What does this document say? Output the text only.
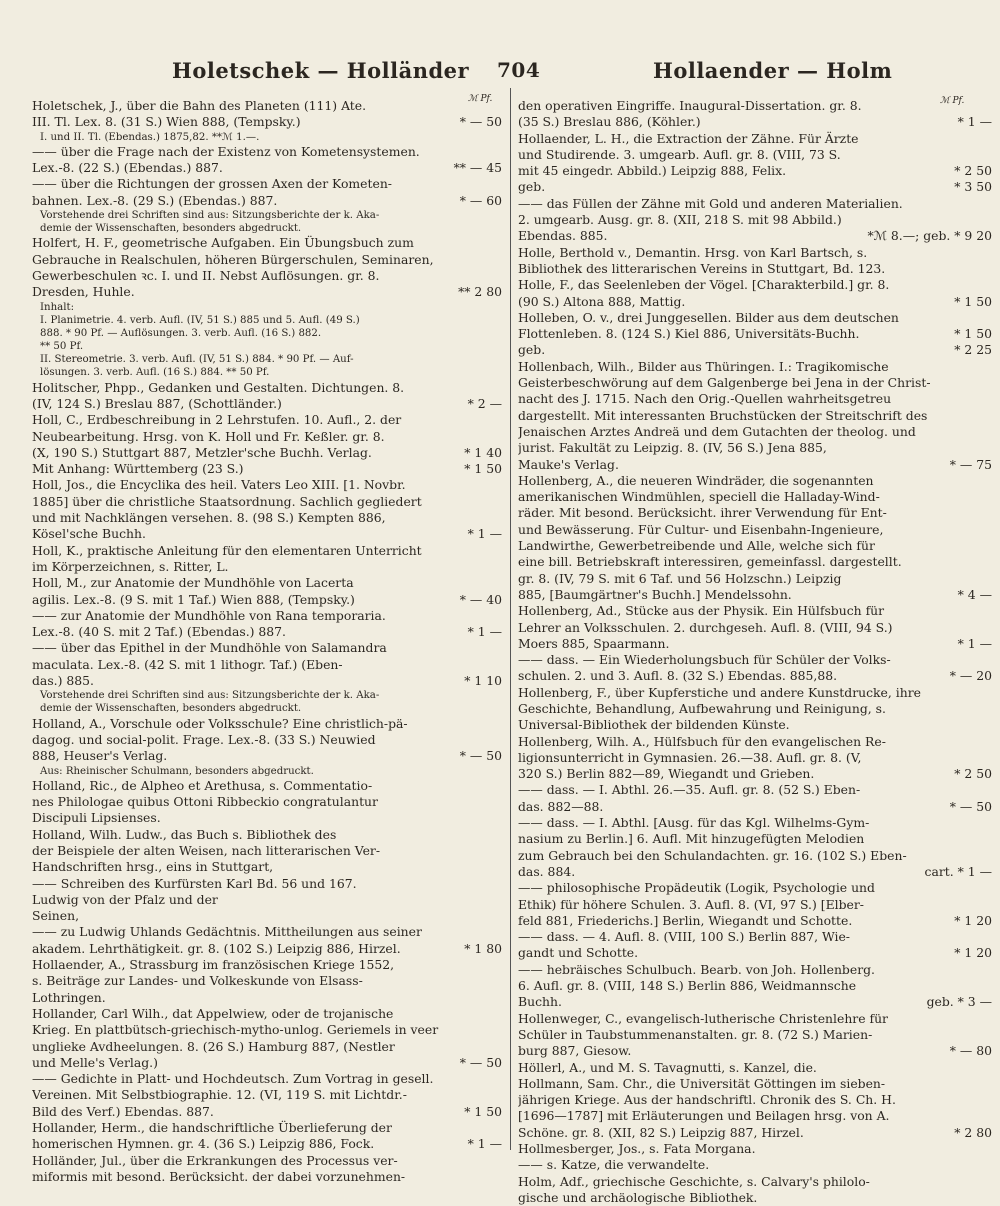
Holetschek — Holländer 704	Hollaender — Holm
ℳ Pf.	ℳ Pf.
Holetschek, J., über die Bahn des Planeten (111) Ate.
III. Tl. Lex. 8. (31 S.) Wien 888, (Tempsky.)	* — 50
I. und II. Tl. (Ebendas.) 1875,82. **ℳ 1.—.
—— über die Frage nach der Existenz von Kometensystemen.
Lex.-8. (22 S.) (Ebendas.) 887.	** — 45
—— über die Richtungen der grossen Axen der Kometen-
bahnen. Lex.-8. (29 S.) (Ebendas.) 887.	* — 60
Vorstehende drei Schriften sind aus: Sitzungsberichte der k. Aka-
demie der Wissenschaften, besonders abgedruckt.
Holfert, H. F., geometrische Aufgaben. Ein Übungsbuch zum
Gebrauche in Realschulen, höheren Bürgerschulen, Seminaren,
Gewerbeschulen ꝛc. I. und II. Nebst Auflösungen. gr. 8.
Dresden, Huhle.	** 2 80
Inhalt:
I. Planimetrie. 4. verb. Aufl. (IV, 51 S.) 885 und 5. Aufl. (49 S.)
888. * 90 Pf. — Auflösungen. 3. verb. Aufl. (16 S.) 882.
** 50 Pf.
II. Stereometrie. 3. verb. Aufl. (IV, 51 S.) 884. * 90 Pf. — Auf-
lösungen. 3. verb. Aufl. (16 S.) 884. ** 50 Pf.
Holitscher, Phpp., Gedanken und Gestalten. Dichtungen. 8.
(IV, 124 S.) Breslau 887, (Schottländer.)	* 2 —
Holl, C., Erdbeschreibung in 2 Lehrstufen. 10. Aufl., 2. der
Neubearbeitung. Hrsg. von K. Holl und Fr. Keßler. gr. 8.
(X, 190 S.) Stuttgart 887, Metzler'sche Buchh. Verlag.	* 1 40
Mit Anhang: Württemberg (23 S.)	* 1 50
Holl, Jos., die Encyclika des heil. Vaters Leo XIII. [1. Novbr.
1885] über die christliche Staatsordnung. Sachlich gegliedert
und mit Nachklängen versehen. 8. (98 S.) Kempten 886,
Kösel'sche Buchh.	* 1 —
Holl, K., praktische Anleitung für den elementaren Unterricht
im Körperzeichnen, s. Ritter, L.
Holl, M., zur Anatomie der Mundhöhle von Lacerta
agilis. Lex.-8. (9 S. mit 1 Taf.) Wien 888, (Tempsky.)	* — 40
—— zur Anatomie der Mundhöhle von Rana temporaria.
Lex.-8. (40 S. mit 2 Taf.) (Ebendas.) 887.	* 1 —
—— über das Epithel in der Mundhöhle von Salamandra
maculata. Lex.-8. (42 S. mit 1 lithogr. Taf.) (Eben-
das.) 885.	* 1 10
Vorstehende drei Schriften sind aus: Sitzungsberichte der k. Aka-
demie der Wissenschaften, besonders abgedruckt.
Holland, A., Vorschule oder Volksschule? Eine christlich-pä-
dagog. und social-polit. Frage. Lex.-8. (33 S.) Neuwied
888, Heuser's Verlag.	* — 50
Aus: Rheinischer Schulmann, besonders abgedruckt.
Holland, Ric., de Alpheo et Arethusa, s. Commentatio-
nes Philologae quibus Ottoni Ribbeckio congratulantur
Discipuli Lipsienses.
Holland, Wilh. Ludw., das Buch s. Bibliothek des
der Beispiele der alten Weisen, nach litterarischen Ver-
Handschriften hrsg., eins in Stuttgart,
—— Schreiben des Kurfürsten Karl Bd. 56 und 167.
Ludwig von der Pfalz und der
Seinen,
—— zu Ludwig Uhlands Gedächtnis. Mittheilungen aus seiner
akadem. Lehrthätigkeit. gr. 8. (102 S.) Leipzig 886, Hirzel.	* 1 80
Hollaender, A., Strassburg im französischen Kriege 1552,
s. Beiträge zur Landes- und Volkeskunde von Elsass-
Lothringen.
Hollander, Carl Wilh., dat Appelwiew, oder de trojanische
Krieg. En plattbütsch-griechisch-mytho-unlog. Geriemels in veer
ungliekе Avdheelungen. 8. (26 S.) Hamburg 887, (Nestler
und Melle's Verlag.)	* — 50
—— Gedichte in Platt- und Hochdeutsch. Zum Vortrag in gesell.
Vereinen. Mit Selbstbiographie. 12. (VI, 119 S. mit Lichtdr.-
Bild des Verf.) Ebendas. 887.	* 1 50
Hollander, Herm., die handschriftliche Überlieferung der
homerischen Hymnen. gr. 4. (36 S.) Leipzig 886, Fock.	* 1 —
Holländer, Jul., über die Erkrankungen des Processus ver-
miformis mit besond. Berücksicht. der dabei vorzunehmen-
den operativen Eingriffe. Inaugural-Dissertation. gr. 8.
(35 S.) Breslau 886, (Köhler.)	* 1 —
Hollaender, L. H., die Extraction der Zähne. Für Ärzte
und Studirende. 3. umgearb. Aufl. gr. 8. (VIII, 73 S.
mit 45 eingedr. Abbild.) Leipzig 888, Felix.	* 2 50
geb.	* 3 50
—— das Füllen der Zähne mit Gold und anderen Materialien.
2. umgearb. Ausg. gr. 8. (XII, 218 S. mit 98 Abbild.)
Ebendas. 885.	*ℳ 8.—; geb. * 9 20
Holle, Berthold v., Demantin. Hrsg. von Karl Bartsch, s.
Bibliothek des litterarischen Vereins in Stuttgart, Bd. 123.
Holle, F., das Seelenleben der Vögel. [Charakterbild.] gr. 8.
(90 S.) Altona 888, Mattig.	* 1 50
Holleben, O. v., drei Junggesellen. Bilder aus dem deutschen
Flottenleben. 8. (124 S.) Kiel 886, Universitäts-Buchh.	* 1 50
geb.	* 2 25
Hollenbach, Wilh., Bilder aus Thüringen. I.: Tragikomische
Geisterbeschwörung auf dem Galgenberge bei Jena in der Christ-
nacht des J. 1715. Nach den Orig.-Quellen wahrheitsgetreu
dargestellt. Mit interessanten Bruchstücken der Streitschrift des
Jenaischen Arztes Andreä und dem Gutachten der theolog. und
jurist. Fakultät zu Leipzig. 8. (IV, 56 S.) Jena 885,
Mauke's Verlag.	* — 75
Hollenberg, A., die neueren Windräder, die sogenannten
amerikanischen Windmühlen, speciell die Halladay-Wind-
räder. Mit besond. Berücksicht. ihrer Verwendung für Ent-
und Bewässerung. Für Cultur- und Eisenbahn-Ingenieure,
Landwirthe, Gewerbetreibende und Alle, welche sich für
eine bill. Betriebskraft interessiren, gemeinfassl. dargestellt.
gr. 8. (IV, 79 S. mit 6 Taf. und 56 Holzschn.) Leipzig
885, [Baumgärtner's Buchh.] Mendelssohn.	* 4 —
Hollenberg, Ad., Stücke aus der Physik. Ein Hülfsbuch für
Lehrer an Volksschulen. 2. durchgeseh. Aufl. 8. (VIII, 94 S.)
Moers 885, Spaarmann.	* 1 —
—— dass. — Ein Wiederholungsbuch für Schüler der Volks-
schulen. 2. und 3. Aufl. 8. (32 S.) Ebendas. 885,88.	* — 20
Hollenberg, F., über Kupferstiche und andere Kunstdrucke, ihre
Geschichte, Behandlung, Aufbewahrung und Reinigung, s.
Universal-Bibliothek der bildenden Künste.
Hollenberg, Wilh. A., Hülfsbuch für den evangelischen Re-
ligionsunterricht in Gymnasien. 26.—38. Aufl. gr. 8. (V,
320 S.) Berlin 882—89, Wiegandt und Grieben.	* 2 50
—— dass. — I. Abthl. 26.—35. Aufl. gr. 8. (52 S.) Eben-
das. 882—88.	* — 50
—— dass. — I. Abthl. [Ausg. für das Kgl. Wilhelms-Gym-
nasium zu Berlin.] 6. Aufl. Mit hinzugefügten Melodien
zum Gebrauch bei den Schulandachten. gr. 16. (102 S.) Eben-
das. 884.	cart. * 1 —
—— philosophische Propädeutik (Logik, Psychologie und
Ethik) für höhere Schulen. 3. Aufl. 8. (VI, 97 S.) [Elber-
feld 881, Friederichs.] Berlin, Wiegandt und Schotte.	* 1 20
—— dass. — 4. Aufl. 8. (VIII, 100 S.) Berlin 887, Wie-
gandt und Schotte.	* 1 20
—— hebräisches Schulbuch. Bearb. von Joh. Hollenberg.
6. Aufl. gr. 8. (VIII, 148 S.) Berlin 886, Weidmannsche
Buchh.	geb. * 3 —
Hollenweger, C., evangelisch-lutherische Christenlehre für
Schüler in Taubstummenanstalten. gr. 8. (72 S.) Marien-
burg 887, Giesow.	* — 80
Höllerl, A., und M. S. Tavagnutti, s. Kanzel, die.
Hollmann, Sam. Chr., die Universität Göttingen im sieben-
jährigen Kriege. Aus der handschriftl. Chronik des S. Ch. H.
[1696—1787] mit Erläuterungen und Beilagen hrsg. von A.
Schöne. gr. 8. (XII, 82 S.) Leipzig 887, Hirzel.	* 2 80
Hollmesberger, Jos., s. Fata Morgana.
—— s. Katze, die verwandelte.
Holm, Adf., griechische Geschichte, s. Calvary's philolo-
gische und archäologische Bibliothek.
